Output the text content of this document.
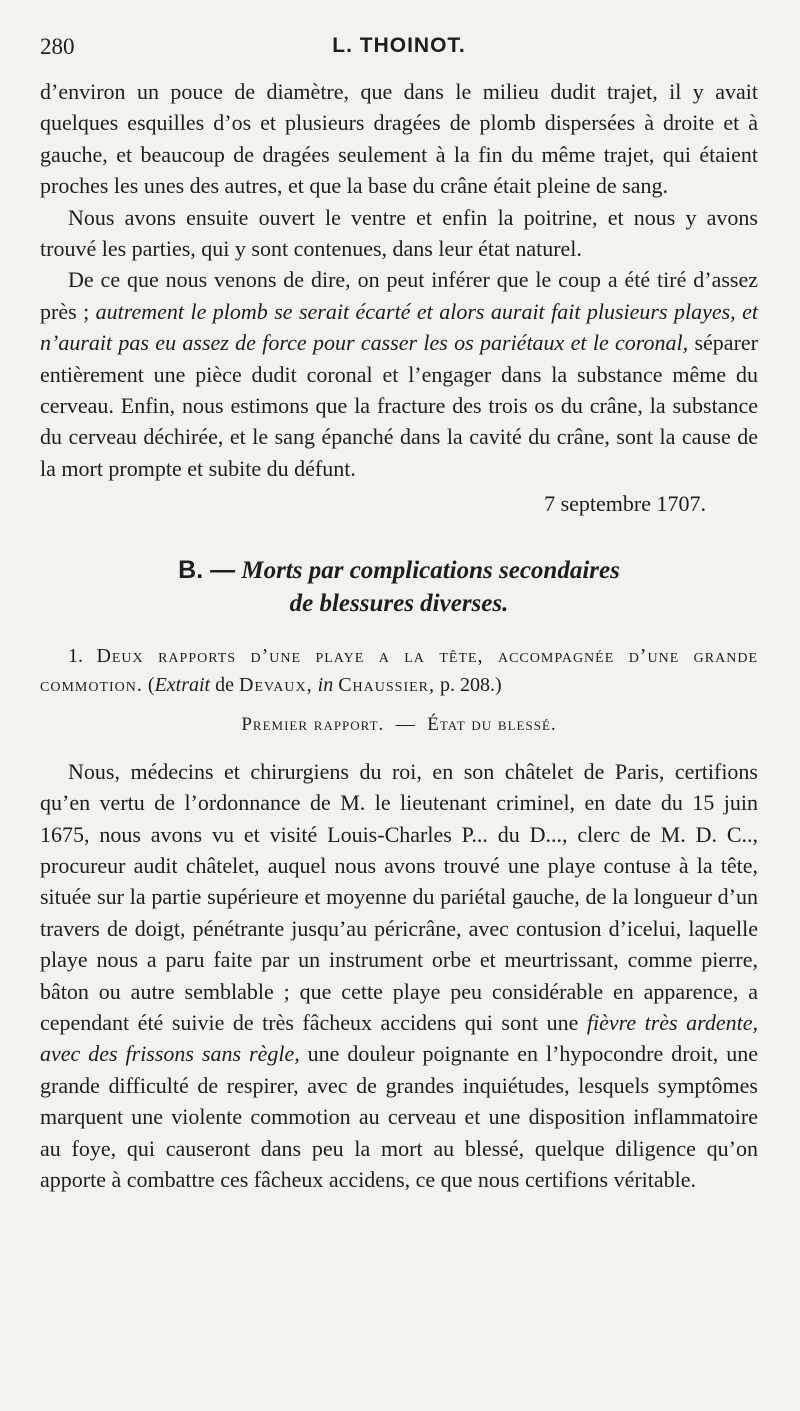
280	L. THOINOT.

d’environ un pouce de diamètre, que dans le milieu dudit trajet, il y avait quelques esquilles d’os et plusieurs dragées de plomb dispersées à droite et à gauche, et beaucoup de dragées seulement à la fin du même trajet, qui étaient proches les unes des autres, et que la base du crâne était pleine de sang.

Nous avons ensuite ouvert le ventre et enfin la poitrine, et nous y avons trouvé les parties, qui y sont contenues, dans leur état naturel.

De ce que nous venons de dire, on peut inférer que le coup a été tiré d’assez près ; autrement le plomb se serait écarté et alors aurait fait plusieurs playes, et n’aurait pas eu assez de force pour casser les os pariétaux et le coronal, séparer entièrement une pièce dudit coronal et l’engager dans la substance même du cerveau. Enfin, nous estimons que la fracture des trois os du crâne, la substance du cerveau déchirée, et le sang épanché dans la cavité du crâne, sont la cause de la mort prompte et subite du défunt.

7 septembre 1707.

B. — Morts par complications secondaires
de blessures diverses.

1. Deux rapports d’une playe a la tête, accompagnée d’une grande commotion. (Extrait de Devaux, in Chaussier, p. 208.)

Premier rapport. — État du blessé.

Nous, médecins et chirurgiens du roi, en son châtelet de Paris, certifions qu’en vertu de l’ordonnance de M. le lieutenant criminel, en date du 15 juin 1675, nous avons vu et visité Louis-Charles P... du D..., clerc de M. D. C.., procureur audit châtelet, auquel nous avons trouvé une playe contuse à la tête, située sur la partie supérieure et moyenne du pariétal gauche, de la longueur d’un travers de doigt, pénétrante jusqu’au péricrâne, avec contusion d’icelui, laquelle playe nous a paru faite par un instrument orbe et meurtrissant, comme pierre, bâton ou autre semblable ; que cette playe peu considérable en apparence, a cependant été suivie de très fâcheux accidens qui sont une fièvre très ardente, avec des frissons sans règle, une douleur poignante en l’hypocondre droit, une grande difficulté de respirer, avec de grandes inquiétudes, lesquels symptômes marquent une violente commotion au cerveau et une disposition inflammatoire au foye, qui causeront dans peu la mort au blessé, quelque diligence qu’on apporte à combattre ces fâcheux accidens, ce que nous certifions véritable.
